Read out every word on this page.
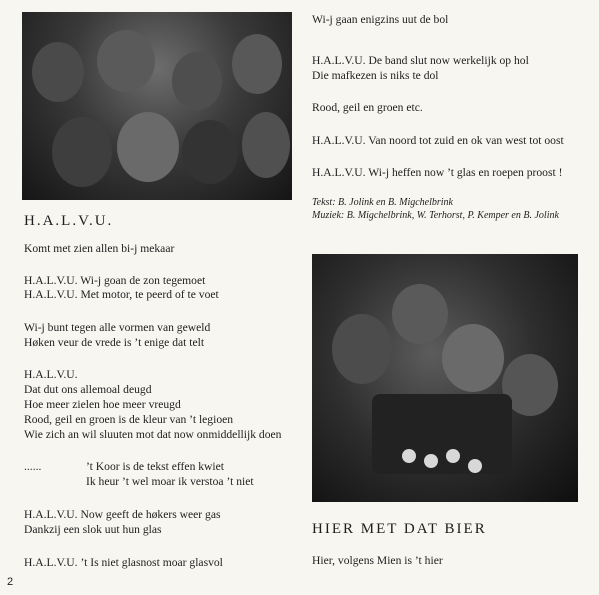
H.A.L.V.U.

Komt met zien allen bi-j mekaar

H.A.L.V.U. Wi-j goan de zon tegemoet

H.A.L.V.U. Met motor, te peerd of te voet

Wi-j bunt tegen alle vormen van geweld

Høken veur de vrede is ’t enige dat telt

H.A.L.V.U.

Dat dut ons allemoal deugd

Hoe meer zielen hoe meer vreugd

Rood, geil en groen is de kleur van ’t legioen

Wie zich an wil sluuten mot dat now onmiddellijk doen

......	’t Koor is de tekst effen kwiet

Ik heur ’t wel moar ik verstoa ’t niet

H.A.L.V.U. Now geeft de høkers weer gas

Dankzij een slok uut hun glas

H.A.L.V.U. ’t Is niet glasnost moar glasvol

2

Wi-j gaan enigzins uut de bol

H.A.L.V.U. De band slut now werkelijk op hol

Die mafkezen is niks te dol

Rood, geil en groen etc.

H.A.L.V.U. Van noord tot zuid en ok van west tot oost

H.A.L.V.U. Wi-j heffen now ’t glas en roepen proost !

Tekst: B. Jolink en B. Migchelbrink

Muziek: B. Migchelbrink, W. Terhorst, P. Kemper en B. Jolink

HIER MET DAT BIER

Hier, volgens Mien is ’t hier
